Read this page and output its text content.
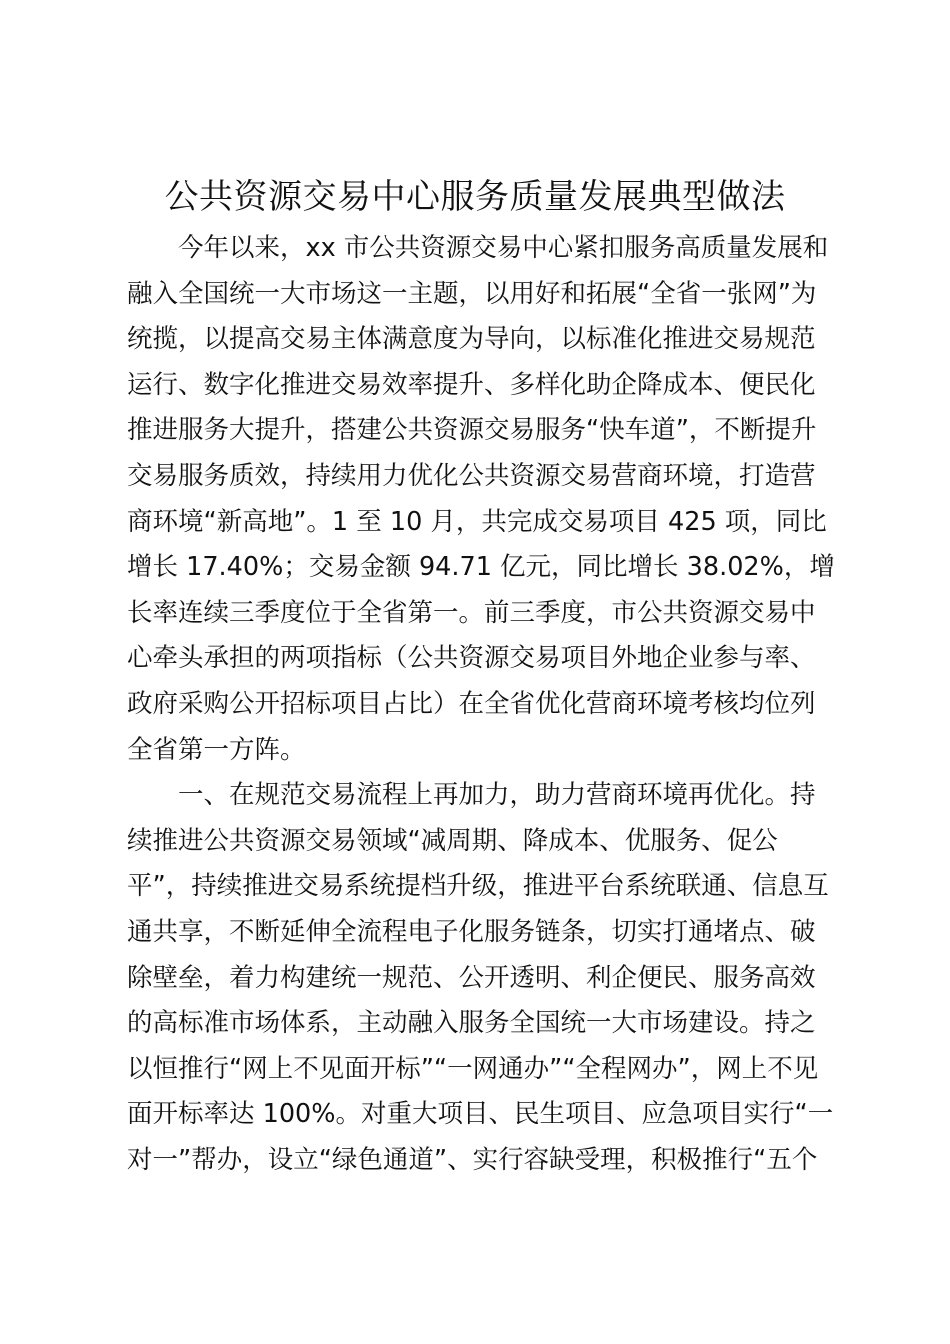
公共资源交易中心服务质量发展典型做法
今年以来，xx 市公共资源交易中心紧扣服务高质量发展和
融入全国统一大市场这一主题，以用好和拓展“全省一张网”为
统揽，以提高交易主体满意度为导向，以标准化推进交易规范
运行、数字化推进交易效率提升、多样化助企降成本、便民化
推进服务大提升，搭建公共资源交易服务“快车道”，不断提升
交易服务质效，持续用力优化公共资源交易营商环境，打造营
商环境“新高地”。1 至 10 月，共完成交易项目 425 项，同比
增长 17.40%；交易金额 94.71 亿元，同比增长 38.02%，增
长率连续三季度位于全省第一。前三季度，市公共资源交易中
心牵头承担的两项指标（公共资源交易项目外地企业参与率、
政府采购公开招标项目占比）在全省优化营商环境考核均位列
全省第一方阵。
一、在规范交易流程上再加力，助力营商环境再优化。持
续推进公共资源交易领域“减周期、降成本、优服务、促公
平”，持续推进交易系统提档升级，推进平台系统联通、信息互
通共享，不断延伸全流程电子化服务链条，切实打通堵点、破
除壁垒，着力构建统一规范、公开透明、利企便民、服务高效
的高标准市场体系，主动融入服务全国统一大市场建设。持之
以恒推行“网上不见面开标”“一网通办”“全程网办”，网上不见
面开标率达 100%。对重大项目、民生项目、应急项目实行“一
对一”帮办，设立“绿色通道”、实行容缺受理，积极推行“五个
